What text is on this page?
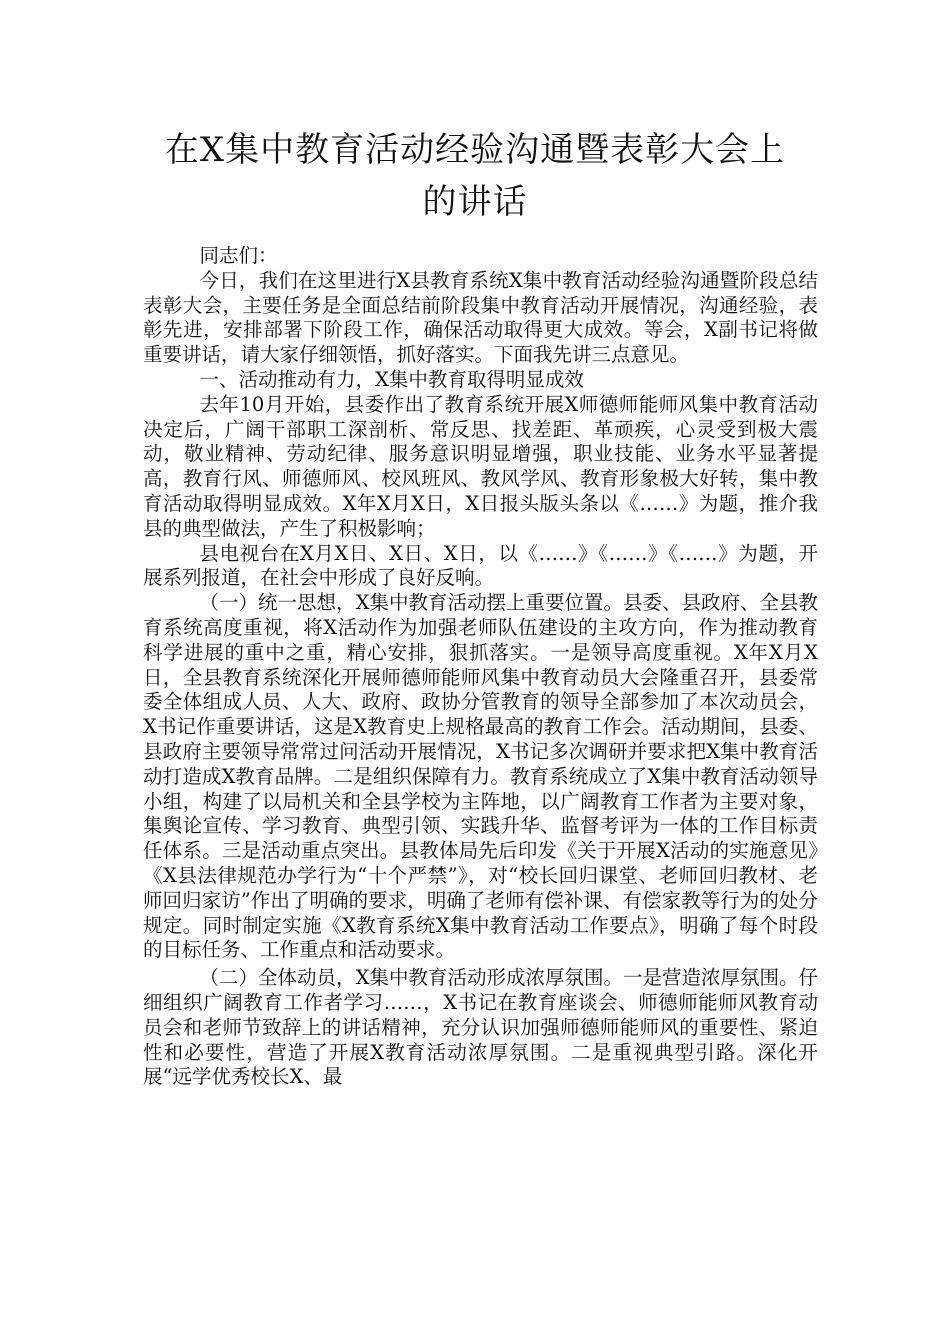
在X集中教育活动经验沟通暨表彰大会上
的讲话

同志们：

今日，我们在这里进行X县教育系统X集中教育活动经验沟通暨阶段总结表彰大会，主要任务是全面总结前阶段集中教育活动开展情况，沟通经验，表彰先进，安排部署下阶段工作，确保活动取得更大成效。等会，X副书记将做重要讲话，请大家仔细领悟，抓好落实。下面我先讲三点意见。

一、活动推动有力，X集中教育取得明显成效

去年10月开始，县委作出了教育系统开展X师德师能师风集中教育活动决定后，广阔干部职工深剖析、常反思、找差距、革顽疾，心灵受到极大震动，敬业精神、劳动纪律、服务意识明显增强，职业技能、业务水平显著提高，教育行风、师德师风、校风班风、教风学风、教育形象极大好转，集中教育活动取得明显成效。X年X月X日，X日报头版头条以《……》为题，推介我县的典型做法，产生了积极影响；

县电视台在X月X日、X日、X日，以《……》《……》《……》为题，开展系列报道，在社会中形成了良好反响。

（一）统一思想，X集中教育活动摆上重要位置。县委、县政府、全县教育系统高度重视，将X活动作为加强老师队伍建设的主攻方向，作为推动教育科学进展的重中之重，精心安排，狠抓落实。一是领导高度重视。X年X月X日，全县教育系统深化开展师德师能师风集中教育动员大会隆重召开，县委常委全体组成人员、人大、政府、政协分管教育的领导全部参加了本次动员会，X书记作重要讲话，这是X教育史上规格最高的教育工作会。活动期间，县委、县政府主要领导常常过问活动开展情况，X书记多次调研并要求把X集中教育活动打造成X教育品牌。二是组织保障有力。教育系统成立了X集中教育活动领导小组，构建了以局机关和全县学校为主阵地，以广阔教育工作者为主要对象，集舆论宣传、学习教育、典型引领、实践升华、监督考评为一体的工作目标责任体系。三是活动重点突出。县教体局先后印发《关于开展X活动的实施意见》《X县法律规范办学行为“十个严禁”》，对“校长回归课堂、老师回归教材、老师回归家访”作出了明确的要求，明确了老师有偿补课、有偿家教等行为的处分规定。同时制定实施《X教育系统X集中教育活动工作要点》，明确了每个时段的目标任务、工作重点和活动要求。

（二）全体动员，X集中教育活动形成浓厚氛围。一是营造浓厚氛围。仔细组织广阔教育工作者学习……，X书记在教育座谈会、师德师能师风教育动员会和老师节致辞上的讲话精神，充分认识加强师德师能师风的重要性、紧迫性和必要性，营造了开展X教育活动浓厚氛围。二是重视典型引路。深化开展“远学优秀校长X、最
